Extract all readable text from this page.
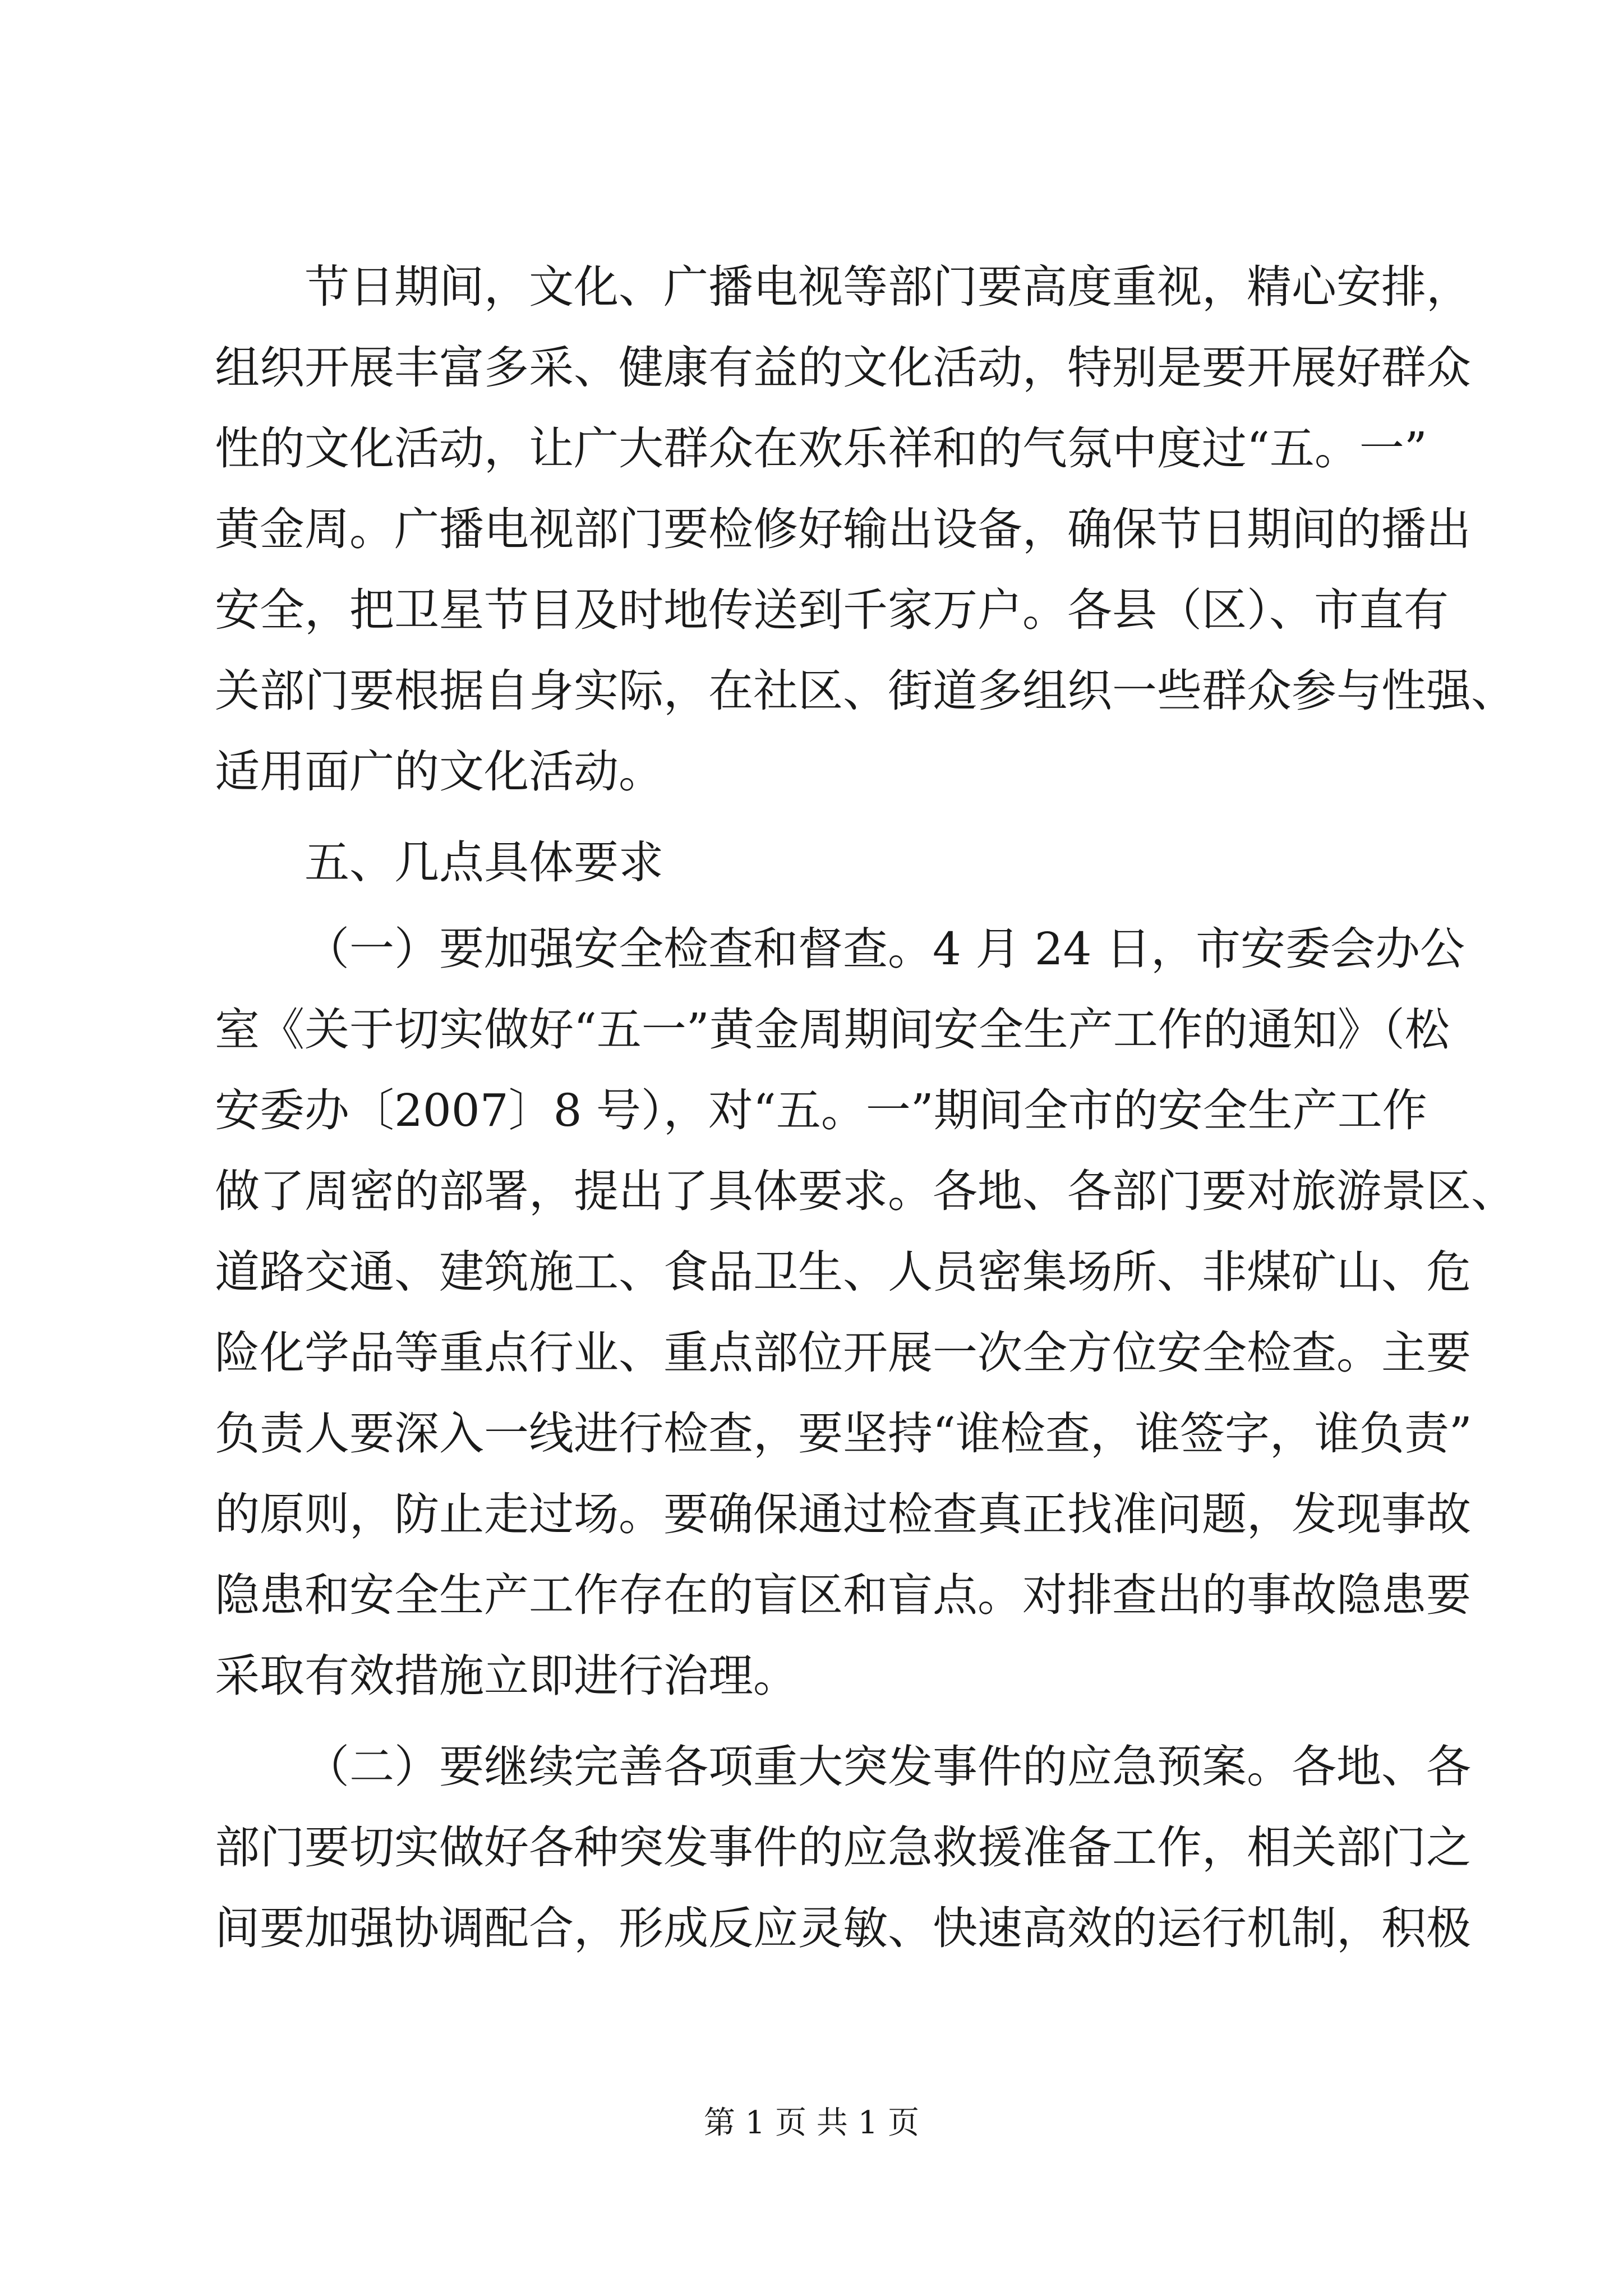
节日期间，文化、广播电视等部门要高度重视，精心安排，
组织开展丰富多采、健康有益的文化活动，特别是要开展好群众
性的文化活动，让广大群众在欢乐祥和的气氛中度过“五。一”
黄金周。广播电视部门要检修好输出设备，确保节日期间的播出
安全，把卫星节目及时地传送到千家万户。各县（区）、市直有
关部门要根据自身实际，在社区、街道多组织一些群众参与性强、
适用面广的文化活动。
五、几点具体要求
（一）要加强安全检查和督查。4 月 24 日，市安委会办公
室《关于切实做好“五一”黄金周期间安全生产工作的通知》（松
安委办〔2007〕8 号），对“五。一”期间全市的安全生产工作
做了周密的部署，提出了具体要求。各地、各部门要对旅游景区、
道路交通、建筑施工、食品卫生、人员密集场所、非煤矿山、危
险化学品等重点行业、重点部位开展一次全方位安全检查。主要
负责人要深入一线进行检查，要坚持“谁检查，谁签字，谁负责”
的原则，防止走过场。要确保通过检查真正找准问题，发现事故
隐患和安全生产工作存在的盲区和盲点。对排查出的事故隐患要
采取有效措施立即进行治理。
（二）要继续完善各项重大突发事件的应急预案。各地、各
部门要切实做好各种突发事件的应急救援准备工作，相关部门之
间要加强协调配合，形成反应灵敏、快速高效的运行机制，积极
第 1 页 共 1 页
